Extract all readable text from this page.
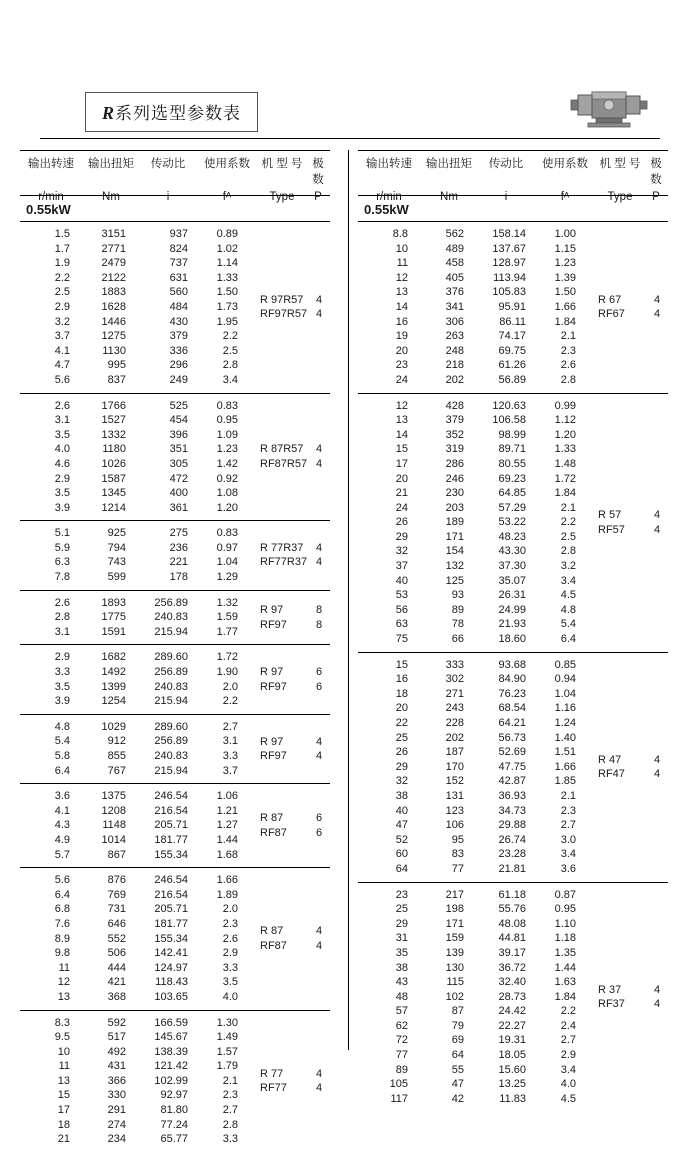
R系列选型参数表
输出转速	输出扭矩	传动比	使用系数	机 型 号 极 数
r/min	Nm	i	fᴬ	Type	P
0.55kW
1.5	3151	937	0.89
1.7	2771	824	1.02
1.9	2479	737	1.14
2.2	2122	631	1.33
2.5	1883	560	1.50
2.9	1628	484	1.73
3.2	1446	430	1.95
3.7	1275	379	2.2
4.1	1130	336	2.5
4.7	995	296	2.8
5.6	837	249	3.4
R 97R57	4
RF97R57 4
2.6	1766	525	0.83
3.1	1527	454	0.95
3.5	1332	396	1.09
4.0	1180	351	1.23
4.6	1026	305	1.42
2.9	1587	472	0.92
3.5	1345	400	1.08
3.9	1214	361	1.20
R 87R57	4
RF87R57 4
5.1	925	275	0.83
5.9	794	236	0.97
6.3	743	221	1.04
7.8	599	178	1.29
R 77R37	4
RF77R37 4
2.6	1893	256.89	1.32
2.8	1775	240.83	1.59
3.1	1591	215.94	1.77
R 97	8
RF97	8
2.9	1682	289.60	1.72
3.3	1492	256.89	1.90
3.5	1399	240.83	2.0
3.9	1254	215.94	2.2
R 97	6
RF97	6
4.8	1029	289.60	2.7
5.4	912	256.89	3.1
5.8	855	240.83	3.3
6.4	767	215.94	3.7
R 97	4
RF97	4
3.6	1375	246.54	1.06
4.1	1208	216.54	1.21
4.3	1148	205.71	1.27
4.9	1014	181.77	1.44
5.7	867	155.34	1.68
R 87	6
RF87	6
5.6	876	246.54	1.66
6.4	769	216.54	1.89
6.8	731	205.71	2.0
7.6	646	181.77	2.3
8.9	552	155.34	2.6
9.8	506	142.41	2.9
11	444	124.97	3.3
12	421	118.43	3.5
13	368	103.65	4.0
R 87	4
RF87	4
8.3	592	166.59	1.30
9.5	517	145.67	1.49
10	492	138.39	1.57
11	431	121.42	1.79
13	366	102.99	2.1
15	330	92.97	2.3
17	291	81.80	2.7
18	274	77.24	2.8
21	234	65.77	3.3
R 77	4
RF77	4
输出转速	输出扭矩	传动比	使用系数	机 型 号 极 数
r/min	Nm	i	fᴬ	Type	P
0.55kW
8.8	562	158.14	1.00
10	489	137.67	1.15
11	458	128.97	1.23
12	405	113.94	1.39
13	376	105.83	1.50
14	341	95.91	1.66
16	306	86.11	1.84
19	263	74.17	2.1
20	248	69.75	2.3
23	218	61.26	2.6
24	202	56.89	2.8
R 67	4
RF67	4
12	428	120.63	0.99
13	379	106.58	1.12
14	352	98.99	1.20
15	319	89.71	1.33
17	286	80.55	1.48
20	246	69.23	1.72
21	230	64.85	1.84
24	203	57.29	2.1
26	189	53.22	2.2
29	171	48.23	2.5
32	154	43.30	2.8
37	132	37.30	3.2
40	125	35.07	3.4
53	93	26.31	4.5
56	89	24.99	4.8
63	78	21.93	5.4
75	66	18.60	6.4
R 57	4
RF57	4
15	333	93.68	0.85
16	302	84.90	0.94
18	271	76.23	1.04
20	243	68.54	1.16
22	228	64.21	1.24
25	202	56.73	1.40
26	187	52.69	1.51
29	170	47.75	1.66
32	152	42.87	1.85
38	131	36.93	2.1
40	123	34.73	2.3
47	106	29.88	2.7
52	95	26.74	3.0
60	83	23.28	3.4
64	77	21.81	3.6
R 47	4
RF47	4
23	217	61.18	0.87
25	198	55.76	0.95
29	171	48.08	1.10
31	159	44.81	1.18
35	139	39.17	1.35
38	130	36.72	1.44
43	115	32.40	1.63
48	102	28.73	1.84
57	87	24.42	2.2
62	79	22.27	2.4
72	69	19.31	2.7
77	64	18.05	2.9
89	55	15.60	3.4
105	47	13.25	4.0
117	42	11.83	4.5
R 37	4
RF37	4
